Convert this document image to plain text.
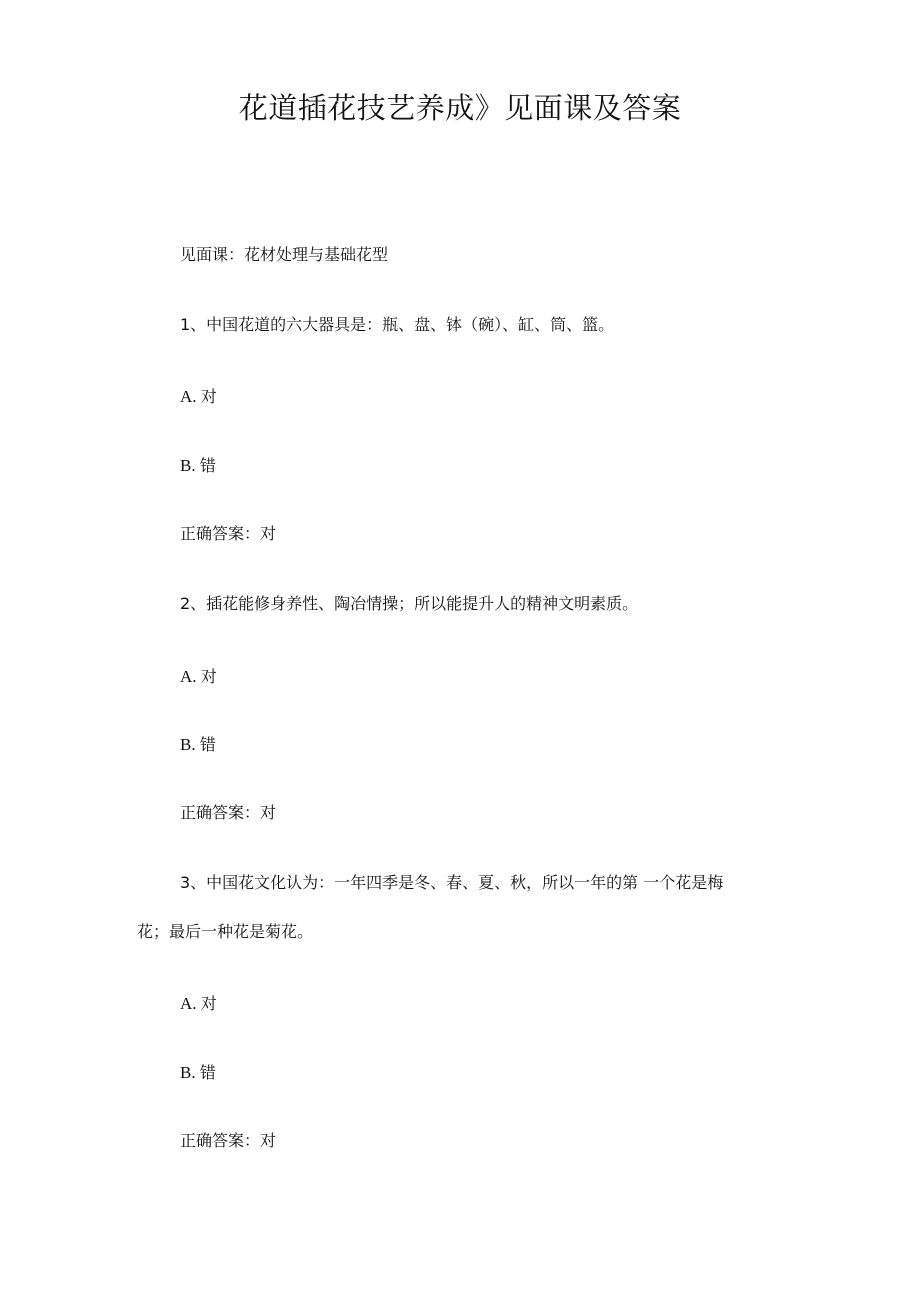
花道插花技艺养成》见面课及答案
见面课：花材处理与基础花型
1、中国花道的六大器具是：瓶、盘、钵（碗）、缸、筒、篮。
A. 对
B. 错
正确答案：对
2、插花能修身养性、陶冶情操；所以能提升人的精神文明素质。
A. 对
B. 错
正确答案：对
3、中国花文化认为：一年四季是冬、春、夏、秋，所以一年的第 一个花是梅
花；最后一种花是菊花。
A. 对
B. 错
正确答案：对
